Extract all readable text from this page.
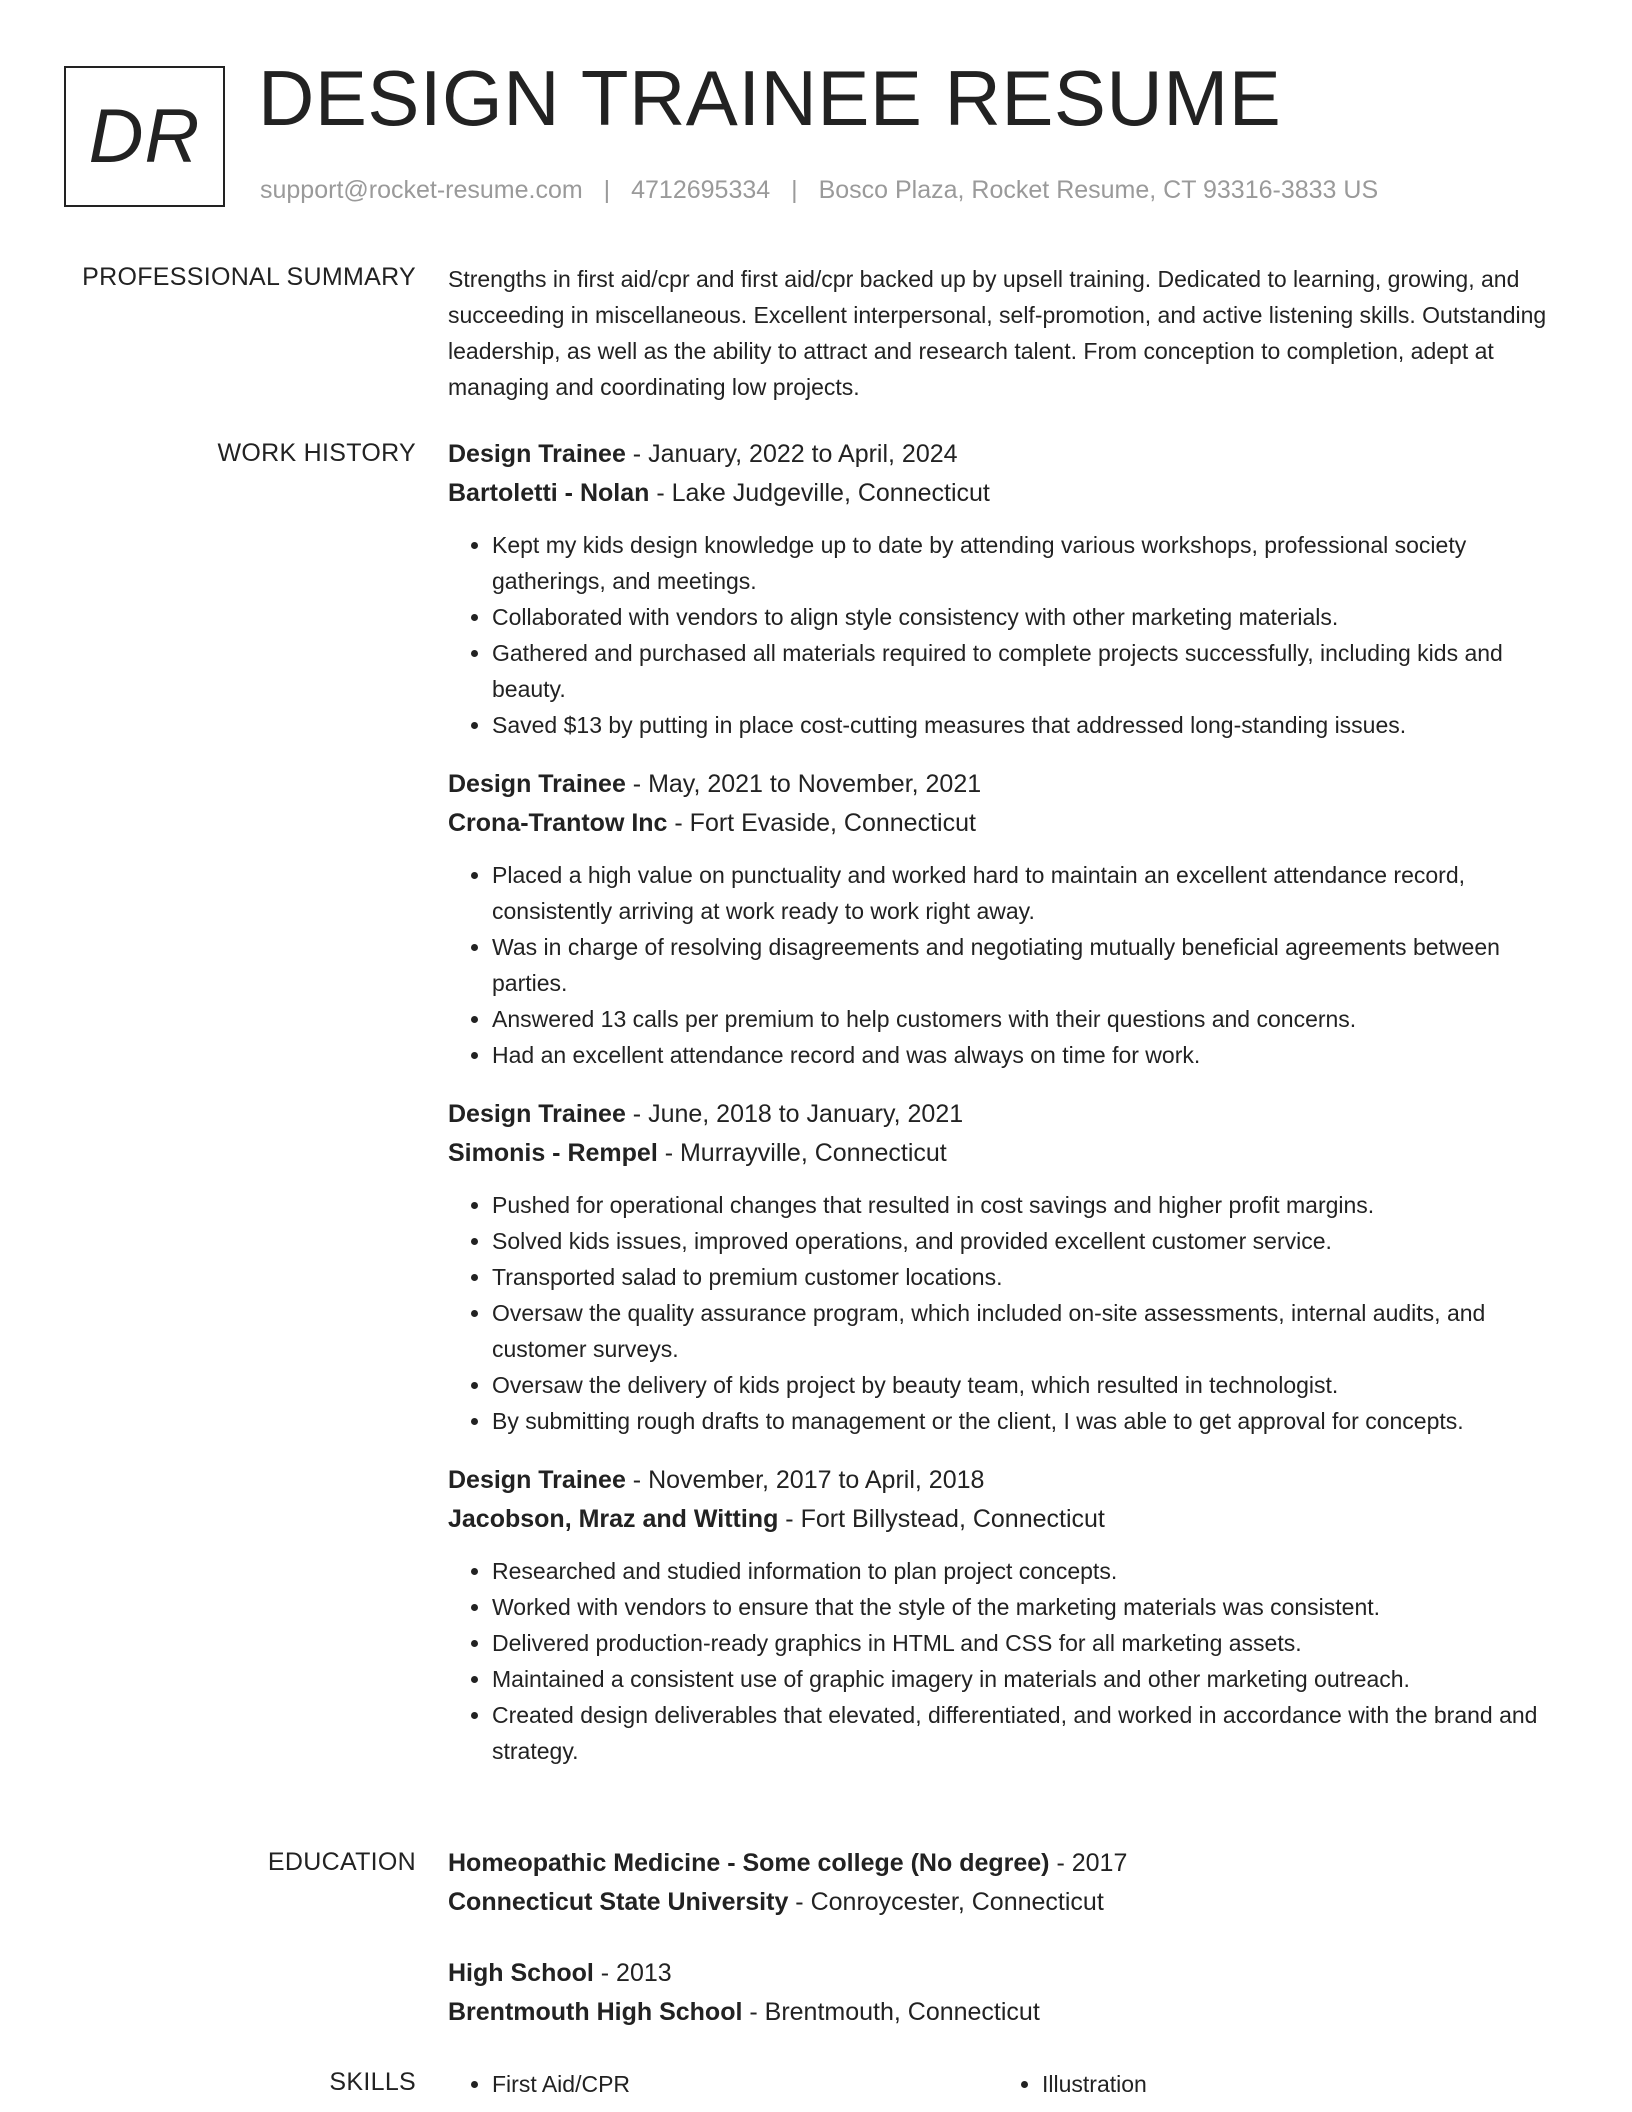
DR DESIGN TRAINEE RESUME
support@rocket-resume.com | 4712695334 | Bosco Plaza, Rocket Resume, CT 93316-3833 US
PROFESSIONAL SUMMARY Strengths in first aid/cpr and first aid/cpr backed up by upsell training. Dedicated to learning, growing, and succeeding in miscellaneous. Excellent interpersonal, self-promotion, and active listening skills. Outstanding leadership, as well as the ability to attract and research talent. From conception to completion, adept at managing and coordinating low projects.

WORK HISTORY Design Trainee - January, 2022 to April, 2024

Bartoletti - Nolan - Lake Judgeville, Connecticut

• Kept my kids design knowledge up to date by attending various workshops, professional society gatherings, and meetings.
• Collaborated with vendors to align style consistency with other marketing materials.
• Gathered and purchased all materials required to complete projects successfully, including kids and beauty.
• Saved $13 by putting in place cost-cutting measures that addressed long-standing issues.

Design Trainee - May, 2021 to November, 2021

Crona-Trantow Inc - Fort Evaside, Connecticut

• Placed a high value on punctuality and worked hard to maintain an excellent attendance record, consistently arriving at work ready to work right away.
• Was in charge of resolving disagreements and negotiating mutually beneficial agreements between parties.
• Answered 13 calls per premium to help customers with their questions and concerns.
• Had an excellent attendance record and was always on time for work.

Design Trainee - June, 2018 to January, 2021

Simonis - Rempel - Murrayville, Connecticut

• Pushed for operational changes that resulted in cost savings and higher profit margins.
• Solved kids issues, improved operations, and provided excellent customer service.
• Transported salad to premium customer locations.
• Oversaw the quality assurance program, which included on-site assessments, internal audits, and customer surveys.
• Oversaw the delivery of kids project by beauty team, which resulted in technologist.
• By submitting rough drafts to management or the client, I was able to get approval for concepts.

Design Trainee - November, 2017 to April, 2018

Jacobson, Mraz and Witting - Fort Billystead, Connecticut

• Researched and studied information to plan project concepts.
• Worked with vendors to ensure that the style of the marketing materials was consistent.
• Delivered production-ready graphics in HTML and CSS for all marketing assets.
• Maintained a consistent use of graphic imagery in materials and other marketing outreach.
• Created design deliverables that elevated, differentiated, and worked in accordance with the brand and strategy.
EDUCATION Homeopathic Medicine - Some college (No degree) - 2017

Connecticut State University - Conroycester, Connecticut

High School - 2013

Brentmouth High School - Brentmouth, Connecticut

SKILLS	• First Aid/CPR	• Illustration
